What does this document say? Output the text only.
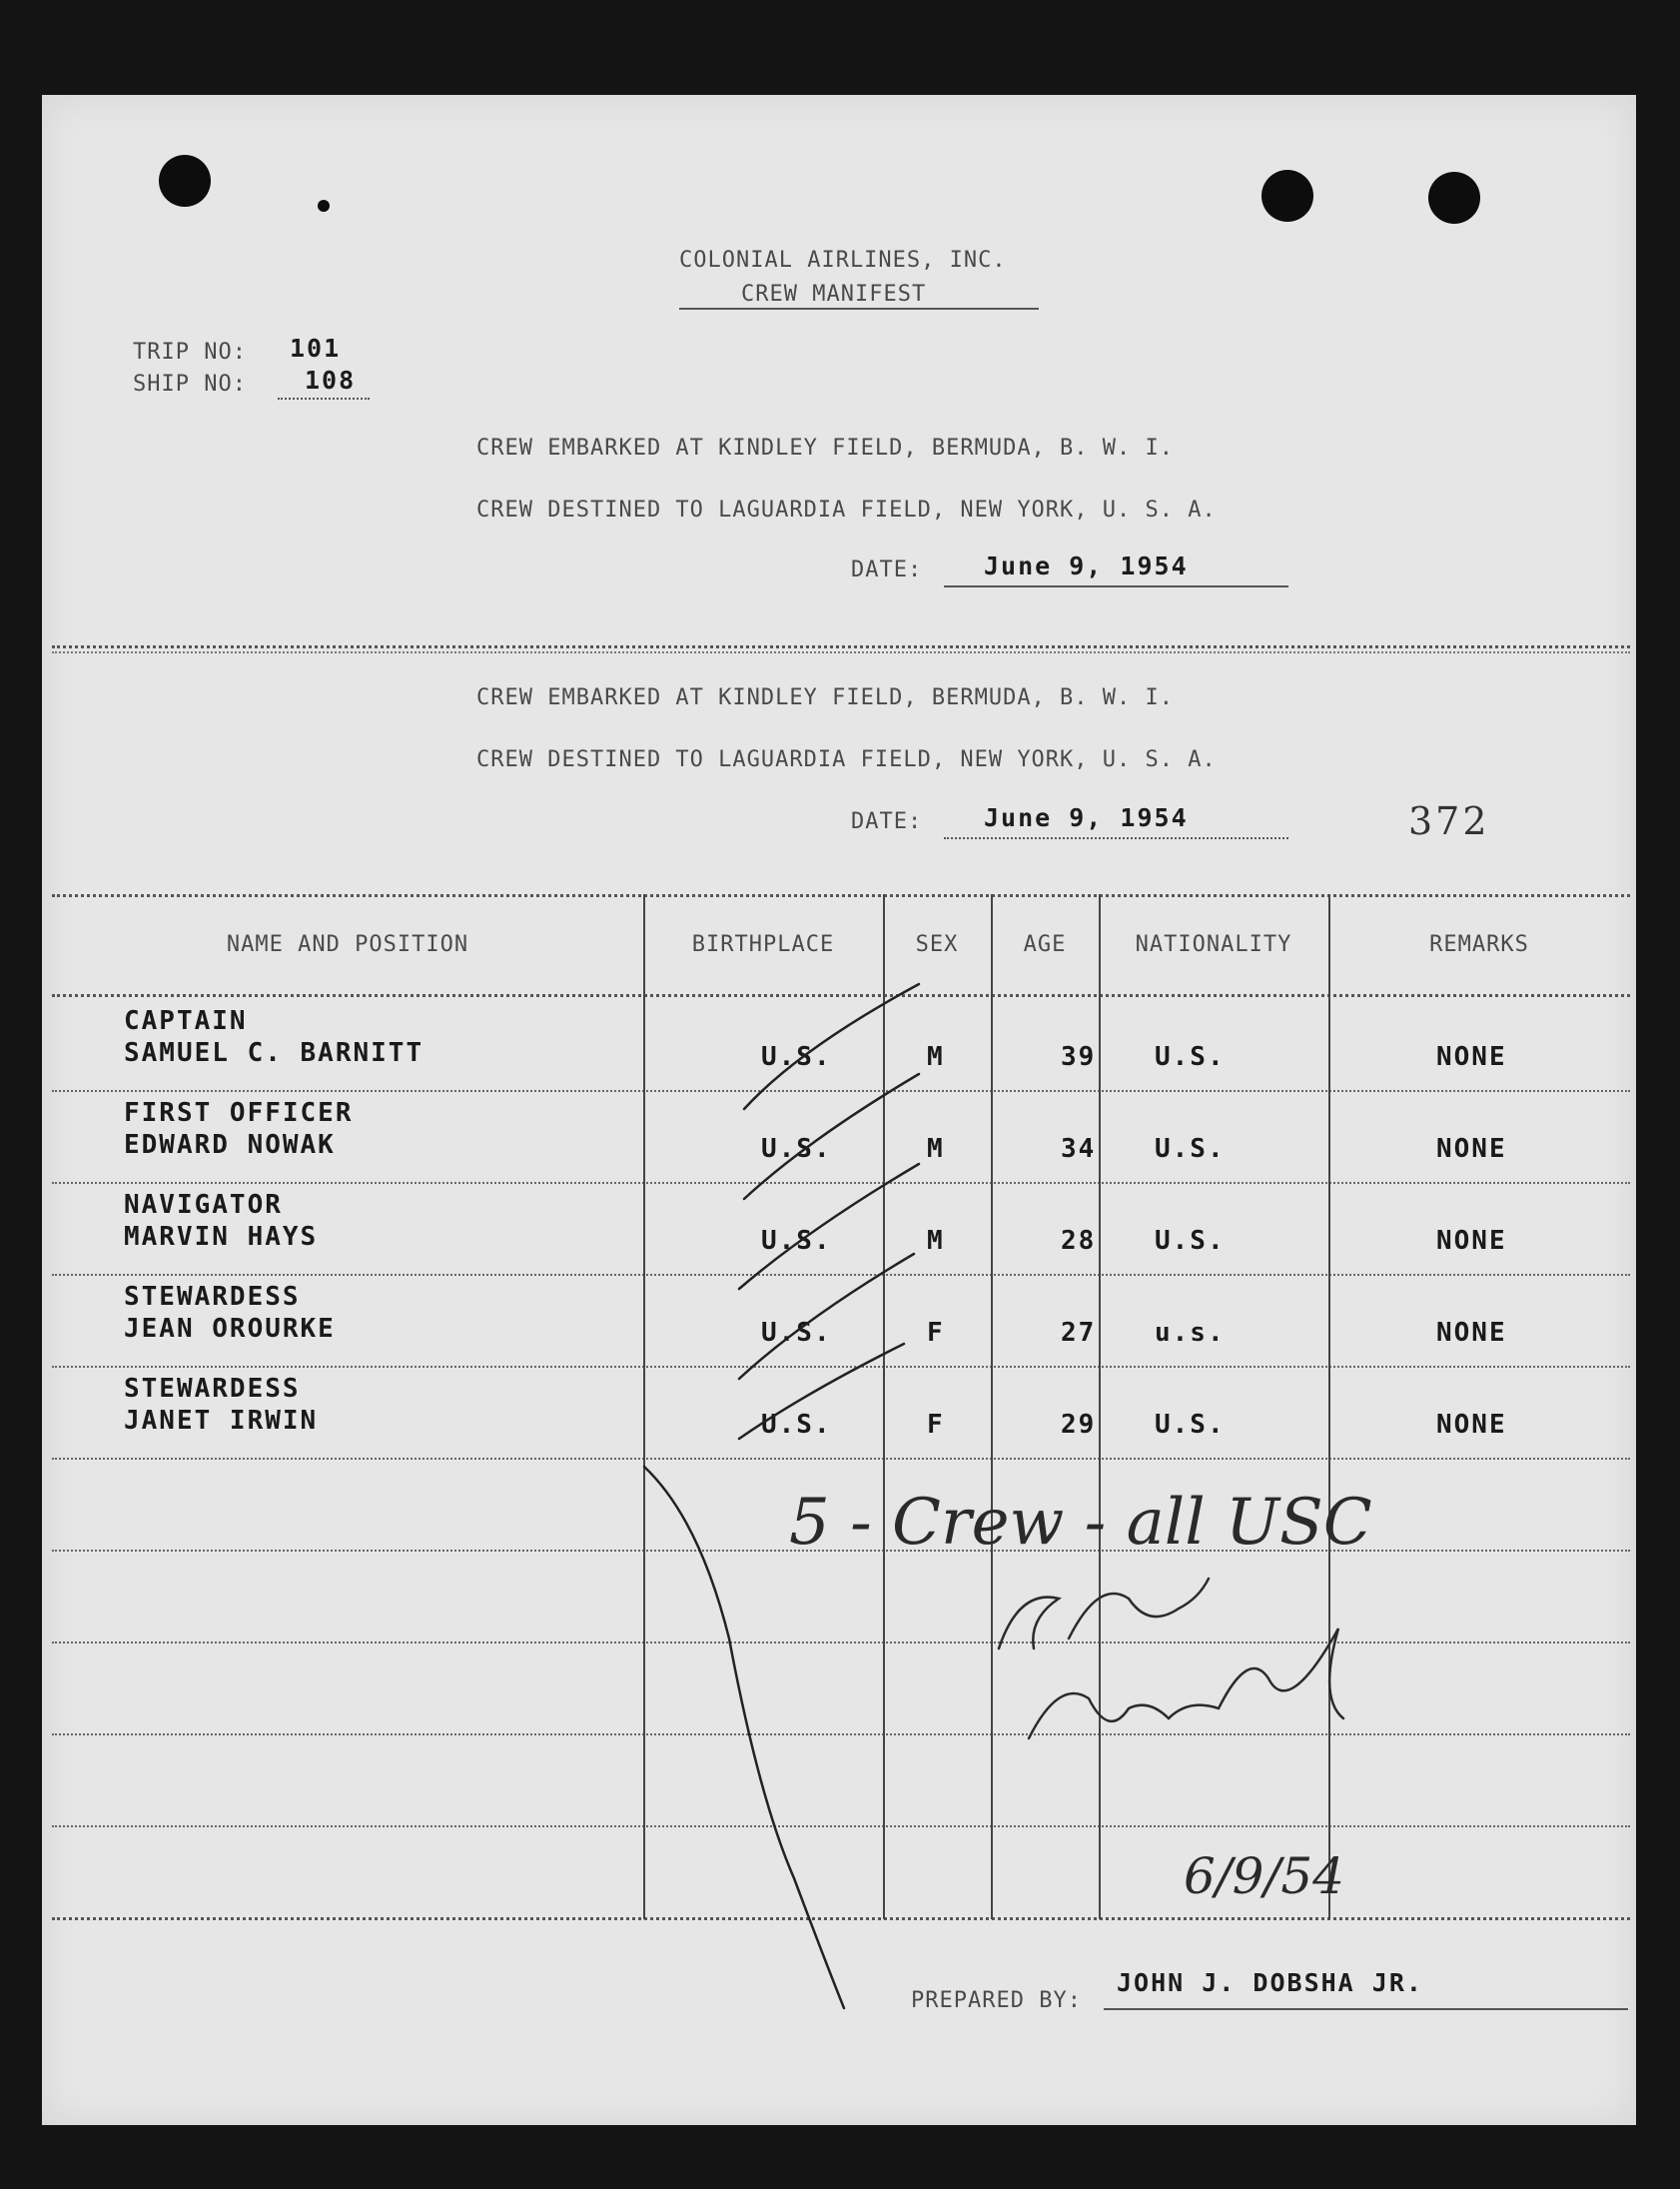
COLONIAL AIRLINES, INC.
CREW MANIFEST
TRIP NO: 101
SHIP NO: 108
CREW EMBARKED AT KINDLEY FIELD, BERMUDA, B. W. I.
CREW DESTINED TO LAGUARDIA FIELD, NEW YORK, U. S. A.
DATE: June 9, 1954
CREW EMBARKED AT KINDLEY FIELD, BERMUDA, B. W. I.
CREW DESTINED TO LAGUARDIA FIELD, NEW YORK, U. S. A.
DATE: June 9, 1954	372
NAME AND POSITION	BIRTHPLACE	SEX	AGE	NATIONALITY	REMARKS
CAPTAIN
SAMUEL C. BARNITT	U.S.	M	39 U.S.	NONE
FIRST OFFICER
EDWARD NOWAK	U.S.	M	34 U.S.	NONE
NAVIGATOR
MARVIN HAYS	U.S.	M	28 U.S.	NONE
STEWARDESS
JEAN OROURKE	U.S.	F	27 u.s.	NONE
STEWARDESS
JANET IRWIN	U.S.	F	29 U.S.	NONE
5 - Crew - all USC
6/9/54
PREPARED BY:
JOHN J. DOBSHA JR.
